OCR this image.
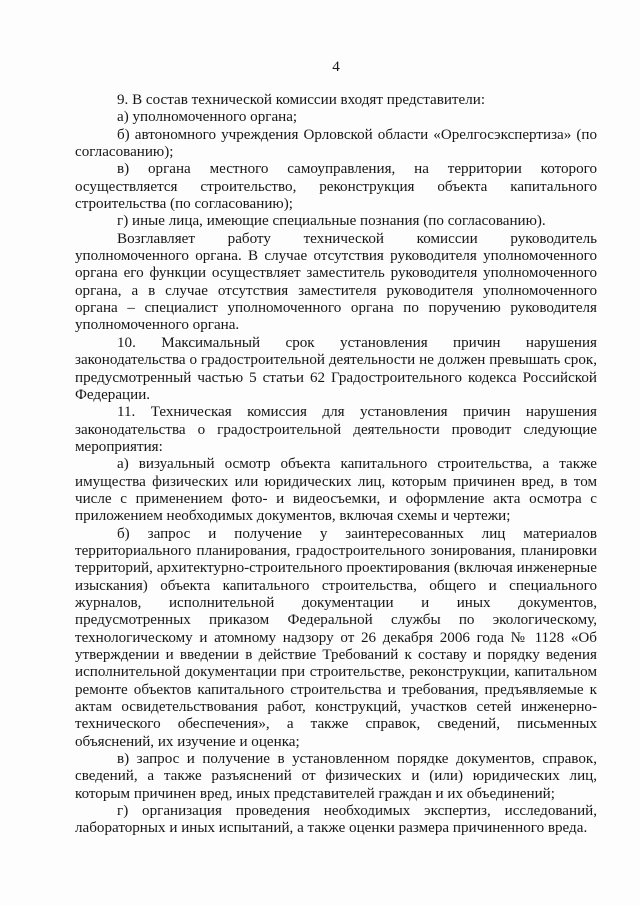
4

9. В состав технической комиссии входят представители:

а) уполномоченного органа;

б) автономного учреждения Орловской области «Орелгосэкспертиза» (по согласованию);

в) органа местного самоуправления, на территории которого осуществляется строительство, реконструкция объекта капитального строительства (по согласованию);

г) иные лица, имеющие специальные познания (по согласованию).

Возглавляет работу технической комиссии руководитель уполномоченного органа. В случае отсутствия руководителя уполномоченного органа его функции осуществляет заместитель руководителя уполномоченного органа, а в случае отсутствия заместителя руководителя уполномоченного органа – специалист уполномоченного органа по поручению руководителя уполномоченного органа.

10. Максимальный срок установления причин нарушения законодательства о градостроительной деятельности не должен превышать срок, предусмотренный частью 5 статьи 62 Градостроительного кодекса Российской Федерации.

11. Техническая комиссия для установления причин нарушения законодательства о градостроительной деятельности проводит следующие мероприятия:

а) визуальный осмотр объекта капитального строительства, а также имущества физических или юридических лиц, которым причинен вред, в том числе с применением фото- и видеосъемки, и оформление акта осмотра с приложением необходимых документов, включая схемы и чертежи;

б) запрос и получение у заинтересованных лиц материалов территориального планирования, градостроительного зонирования, планировки территорий, архитектурно-строительного проектирования (включая инженерные изыскания) объекта капитального строительства, общего и специального журналов, исполнительной документации и иных документов, предусмотренных приказом Федеральной службы по экологическому, технологическому и атомному надзору от 26 декабря 2006 года № 1128 «Об утверждении и введении в действие Требований к составу и порядку ведения исполнительной документации при строительстве, реконструкции, капитальном ремонте объектов капитального строительства и требования, предъявляемые к актам освидетельствования работ, конструкций, участков сетей инженерно-технического обеспечения», а также справок, сведений, письменных объяснений, их изучение и оценка;

в) запрос и получение в установленном порядке документов, справок, сведений, а также разъяснений от физических и (или) юридических лиц, которым причинен вред, иных представителей граждан и их объединений;

г) организация проведения необходимых экспертиз, исследований, лабораторных и иных испытаний, а также оценки размера причиненного вреда.
